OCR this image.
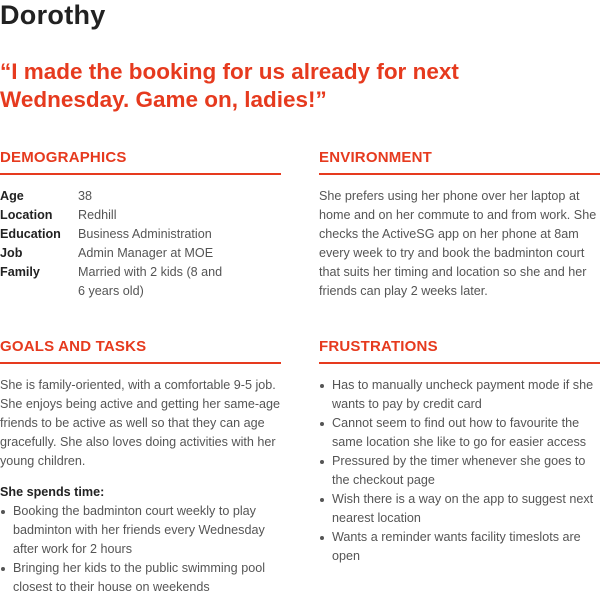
Dorothy
“I made the booking for us already for next Wednesday. Game on, ladies!”
DEMOGRAPHICS
Age	38
Location	Redhill
Education	Business Administration
Job	Admin Manager at MOE
Family	Married with 2 kids (8 and 6 years old)
ENVIRONMENT
She prefers using her phone over her laptop at home and on her commute to and from work. She checks the ActiveSG app on her phone at 8am every week to try and book the badminton court that suits her timing and location so she and her friends can play 2 weeks later.
GOALS AND TASKS
She is family-oriented, with a comfortable 9-5 job. She enjoys being active and getting her same-age friends to be active as well so that they can age gracefully. She also loves doing activities with her young children.
She spends time:
Booking the badminton court weekly to play badminton with her friends every Wednesday after work for 2 hours
Bringing her kids to the public swimming pool closest to their house on weekends
FRUSTRATIONS
Has to manually uncheck payment mode if she wants to pay by credit card
Cannot seem to find out how to favourite the same location she like to go for easier access
Pressured by the timer whenever she goes to the checkout page
Wish there is a way on the app to suggest next nearest location
Wants a reminder wants facility timeslots are open
